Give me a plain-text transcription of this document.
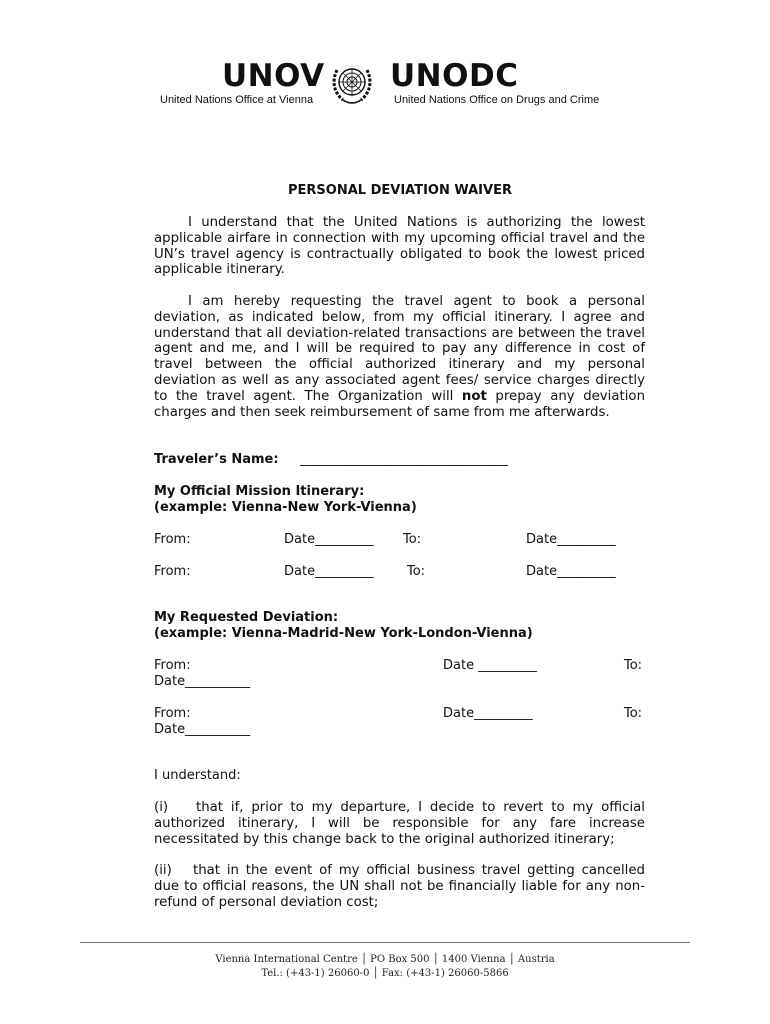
UNOV
United Nations Office at Vienna
UNODC
United Nations Office on Drugs and Crime
PERSONAL DEVIATION WAIVER
I understand that the United Nations is authorizing the lowest applicable airfare in connection with my upcoming official travel and the UN’s travel agency is contractually obligated to book the lowest priced applicable itinerary.
I am hereby requesting the travel agent to book a personal deviation, as indicated below, from my official itinerary. I agree and understand that all deviation-related transactions are between the travel agent and me, and I will be required to pay any difference in cost of travel between the official authorized itinerary and my personal deviation as well as any associated agent fees/ service charges directly to the travel agent. The Organization will not prepay any deviation charges and then seek reimbursement of same from me afterwards.
Traveler’s Name: ________________________________
My Official Mission Itinerary:
(example: Vienna-New York-Vienna)
From:	Date_________ To:	Date_________
From:	Date_________	To:	Date_________
My Requested Deviation:
(example: Vienna-Madrid-New York-London-Vienna)
From:	Date _________	To:
Date__________
From:	Date_________	To:
Date__________
I understand:
(i) that if, prior to my departure, I decide to revert to my official authorized itinerary, I will be responsible for any fare increase necessitated by this change back to the original authorized itinerary;
(ii) that in the event of my official business travel getting cancelled due to official reasons, the UN shall not be financially liable for any non-refund of personal deviation cost;
Vienna International Centre │ PO Box 500 │ 1400 Vienna │ Austria
Tel.: (+43-1) 26060-0 │ Fax: (+43-1) 26060-5866
